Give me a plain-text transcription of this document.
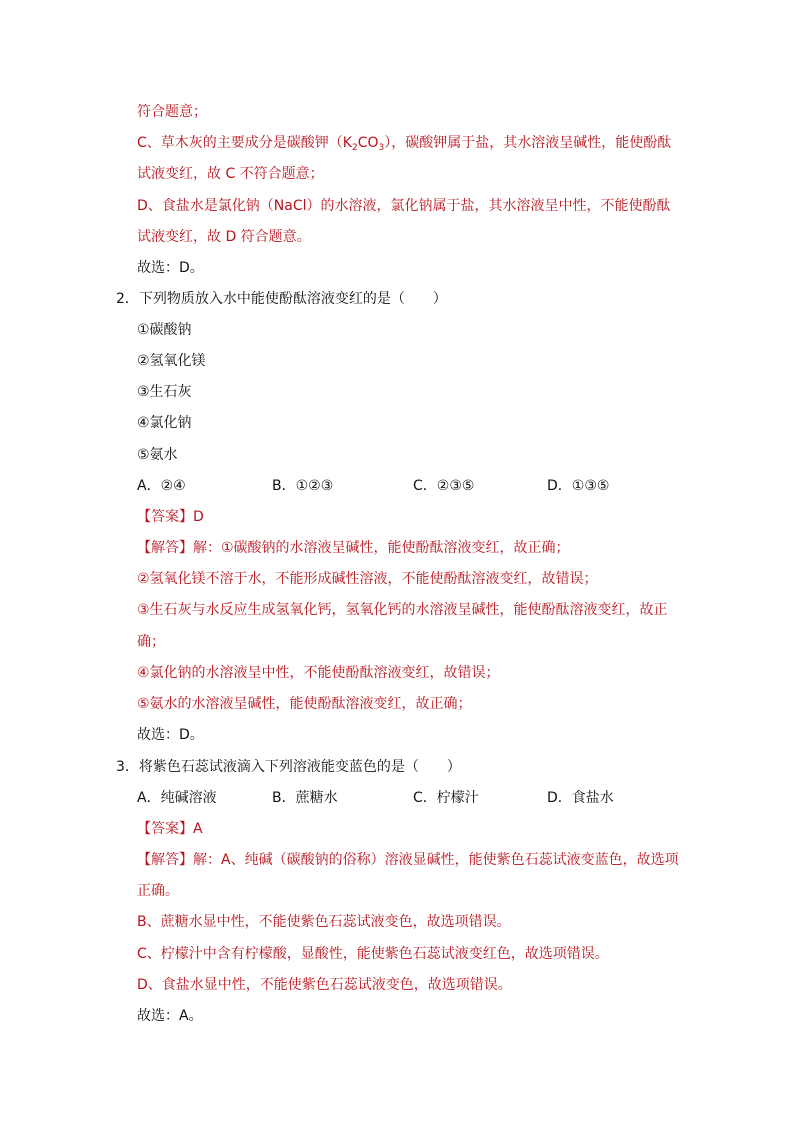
符合题意；
C、草木灰的主要成分是碳酸钾$(K_2CO_3)$，碳酸钾属于盐，其水溶液呈碱性，能使酚酞
试液变红，故 C 不符合题意；
D、食盐水是氯化钠（NaCl）的水溶液，氯化钠属于盐，其水溶液呈中性，不能使酚酞
试液变红，故 D 符合题意。
故选：D。
2．下列物质放入水中能使酚酞溶液变红的是（　　）
①碳酸钠
②氢氧化镁
③生石灰
④氯化钠
⑤氨水
A．②④	B．①②③	C．②③⑤	D．①③⑤
【答案】D
【解答】解：①碳酸钠的水溶液呈碱性，能使酚酞溶液变红，故正确；
②氢氧化镁不溶于水，不能形成碱性溶液，不能使酚酞溶液变红，故错误；
③生石灰与水反应生成氢氧化钙，氢氧化钙的水溶液呈碱性，能使酚酞溶液变红，故正
确；
④氯化钠的水溶液呈中性，不能使酚酞溶液变红，故错误；
⑤氨水的水溶液呈碱性，能使酚酞溶液变红，故正确；
故选：D。
3．将紫色石蕊试液滴入下列溶液能变蓝色的是（　　）
A．纯碱溶液	B．蔗糖水	C．柠檬汁	D．食盐水
【答案】A
【解答】解：A、纯碱（碳酸钠的俗称）溶液显碱性，能使紫色石蕊试液变蓝色，故选项
正确。
B、蔗糖水显中性，不能使紫色石蕊试液变色，故选项错误。
C、柠檬汁中含有柠檬酸，显酸性，能使紫色石蕊试液变红色，故选项错误。
D、食盐水显中性，不能使紫色石蕊试液变色，故选项错误。
故选：A。
